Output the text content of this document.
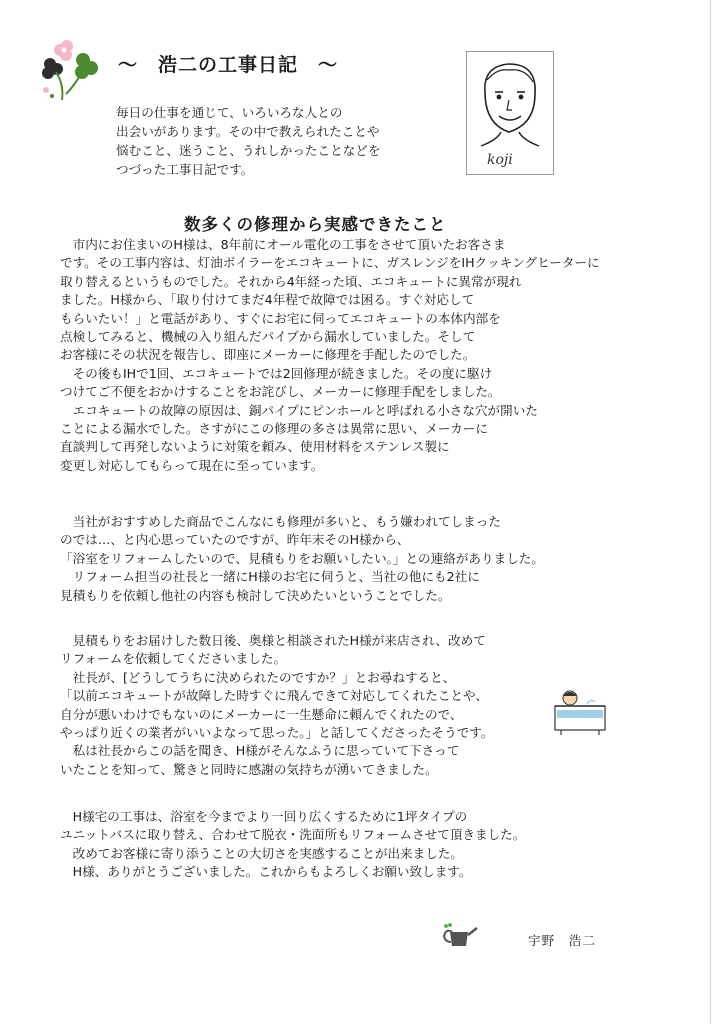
～　浩二の工事日記　～
毎日の仕事を通じて、いろいろな人との
出会いがあります。その中で教えられたことや
悩むこと、迷うこと、うれしかったことなどを
つづった工事日記です。
koji
数多くの修理から実感できたこと
　市内にお住まいのH様は、8年前にオール電化の工事をさせて頂いたお客さま
です。その工事内容は、灯油ボイラーをエコキュートに、ガスレンジをIHクッキングヒーターに
取り替えるというものでした。それから4年経った頃、エコキュートに異常が現れ
ました。H様から、「取り付けてまだ4年程で故障では困る。すぐ対応して
もらいたい！」と電話があり、すぐにお宅に伺ってエコキュートの本体内部を
点検してみると、機械の入り組んだパイプから漏水していました。そして
お客様にその状況を報告し、即座にメーカーに修理を手配したのでした。
　その後もIHで1回、エコキュートでは2回修理が続きました。その度に駆け
つけてご不便をおかけすることをお詫びし、メーカーに修理手配をしました。
　エコキュートの故障の原因は、銅パイプにピンホールと呼ばれる小さな穴が開いた
ことによる漏水でした。さすがにこの修理の多さは異常に思い、メーカーに
直談判して再発しないように対策を頼み、使用材料をステンレス製に
変更し対応してもらって現在に至っています。
　当社がおすすめした商品でこんなにも修理が多いと、もう嫌われてしまった
のでは…、と内心思っていたのですが、昨年末そのH様から、
「浴室をリフォームしたいので、見積もりをお願いしたい。」との連絡がありました。
　リフォーム担当の社長と一緒にH様のお宅に伺うと、当社の他にも2社に
見積もりを依頼し他社の内容も検討して決めたいということでした。
　見積もりをお届けした数日後、奥様と相談されたH様が来店され、改めて
リフォームを依頼してくださいました。
　社長が、[どうしてうちに決められたのですか？」とお尋ねすると、
「以前エコキュートが故障した時すぐに飛んできて対応してくれたことや、
自分が悪いわけでもないのにメーカーに一生懸命に頼んでくれたので、
やっぱり近くの業者がいいよなって思った。」と話してくださったそうです。
　私は社長からこの話を聞き、H様がそんなふうに思っていて下さって
いたことを知って、驚きと同時に感謝の気持ちが湧いてきました。
　H様宅の工事は、浴室を今までより一回り広くするために1坪タイプの
ユニットバスに取り替え、合わせて脱衣・洗面所もリフォームさせて頂きました。
　改めてお客様に寄り添うことの大切さを実感することが出来ました。
　H様、ありがとうございました。これからもよろしくお願い致します。
宇野　浩二
